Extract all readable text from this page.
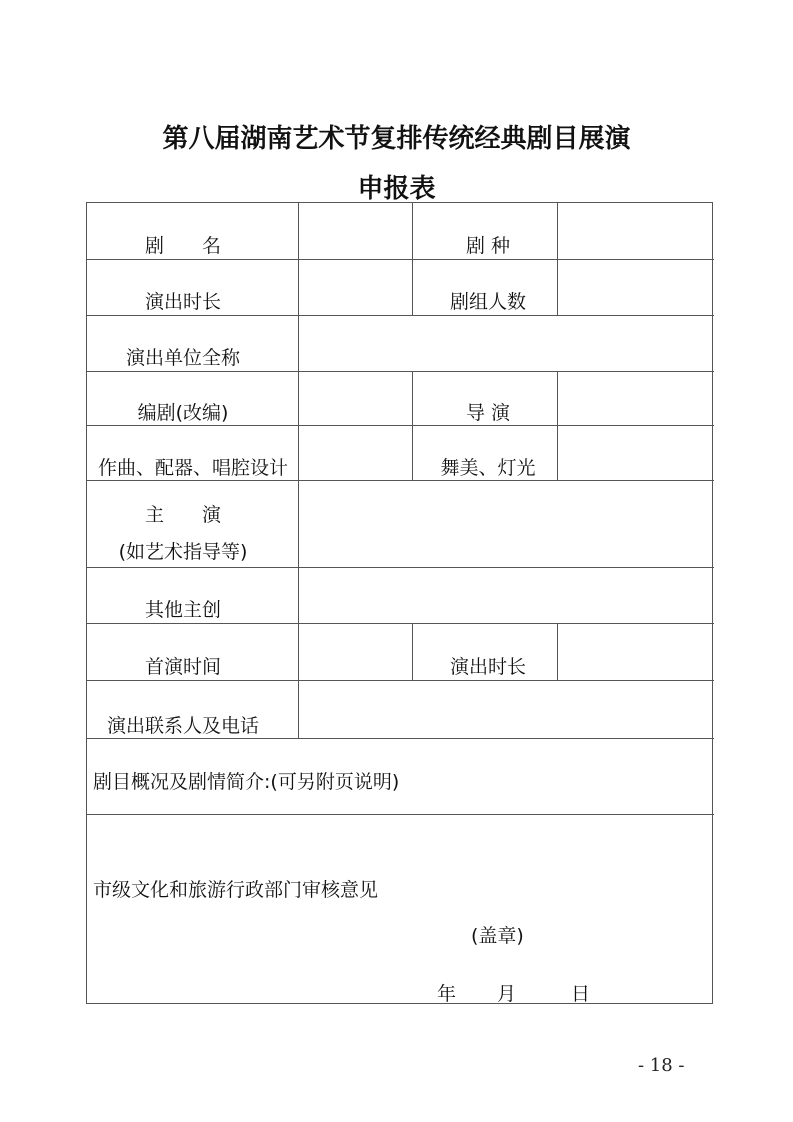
第八届湖南艺术节复排传统经典剧目展演
申报表
剧　　名	剧 种
演出时长	剧组人数
演出单位全称
编剧(改编)	导 演
作曲、配器、唱腔设计	舞美、灯光
主　　演
(如艺术指导等)
其他主创
首演时间	演出时长
演出联系人及电话
剧目概况及剧情简介:(可另附页说明)
市级文化和旅游行政部门审核意见
(盖章)
年 月	日
- 18 -
